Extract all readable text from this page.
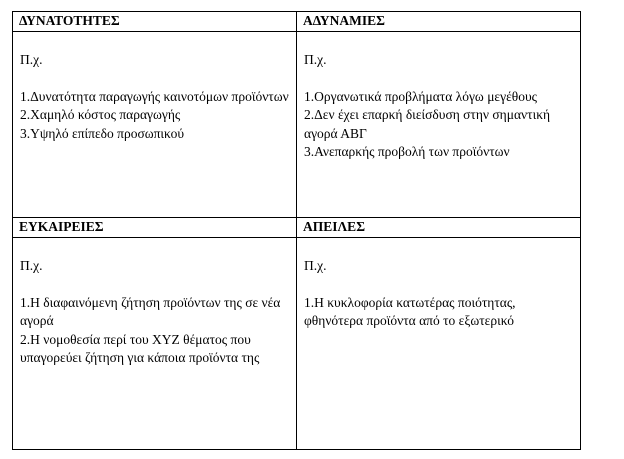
ΔΥΝΑΤΟΤΗΤΕΣ	ΑΔΥΝΑΜΙΕΣ

Π.χ.
1.Δυνατότητα παραγωγής καινοτόμων προϊόντων
2.Χαμηλό κόστος παραγωγής
3.Υψηλό επίπεδο προσωπικού	Π.χ.
1.Οργανωτικά προβλήματα λόγω μεγέθους
2.Δεν έχει επαρκή διείσδυση στην σημαντική αγορά ΑΒΓ
3.Ανεπαρκής προβολή των προϊόντων

ΕΥΚΑΙΡΕΙΕΣ	ΑΠΕΙΛΕΣ

Π.χ.
1.Η διαφαινόμενη ζήτηση προϊόντων της σε νέα αγορά
2.Η νομοθεσία περί του XYZ θέματος που υπαγορεύει ζήτηση για κάποια προϊόντα της	Π.χ.
1.Η κυκλοφορία κατωτέρας ποιότητας, φθηνότερα προϊόντα από το εξωτερικό
